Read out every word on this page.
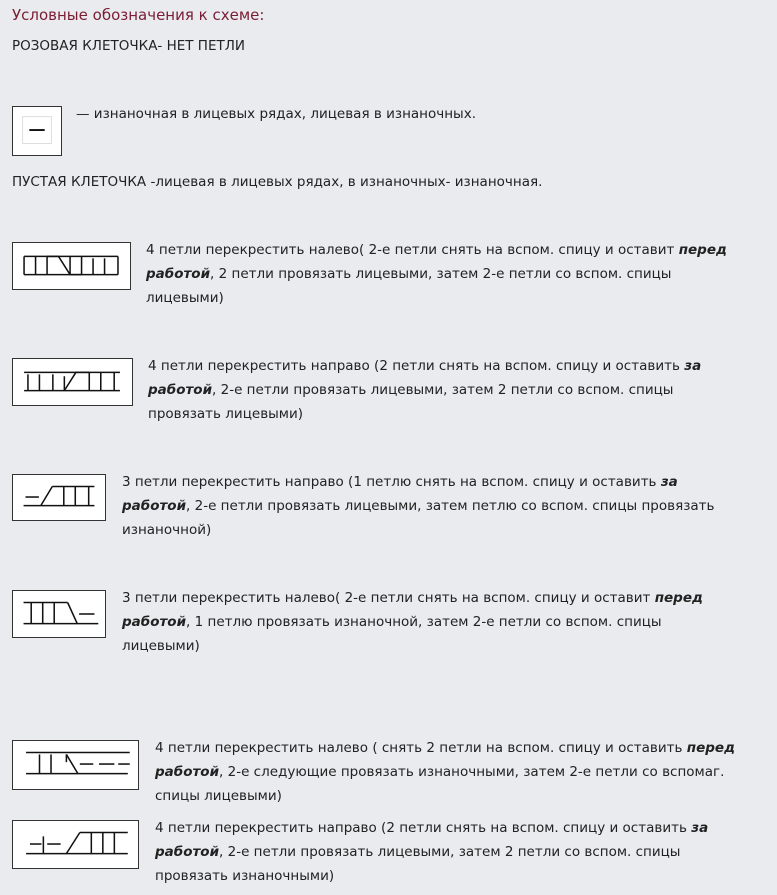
Условные обозначения к схеме:
РОЗОВАЯ КЛЕТОЧКА- НЕТ ПЕТЛИ
— изнаночная в лицевых рядах, лицевая в изнаночных.
ПУСТАЯ КЛЕТОЧКА -лицевая в лицевых рядах, в изнаночных- изнаночная.
4 петли перекрестить налево( 2-е петли снять на вспом. спицу и оставит перед
работой, 2 петли провязать лицевыми, затем 2-е петли со вспом. спицы
лицевыми)
4 петли перекрестить направо (2 петли снять на вспом. спицу и оставить за
работой, 2-е петли провязать лицевыми, затем 2 петли со вспом. спицы
провязать лицевыми)
3 петли перекрестить направо (1 петлю снять на вспом. спицу и оставить за
работой, 2-е петли провязать лицевыми, затем петлю со вспом. спицы провязать
изнаночной)
3 петли перекрестить налево( 2-е петли снять на вспом. спицу и оставит перед
работой, 1 петлю провязать изнаночной, затем 2-е петли со вспом. спицы
лицевыми)
4 петли перекрестить налево ( снять 2 петли на вспом. спицу и оставить перед
работой, 2-е следующие провязать изнаночными, затем 2-е петли со вспомаг.
спицы лицевыми)
4 петли перекрестить направо (2 петли снять на вспом. спицу и оставить за
работой, 2-е петли провязать лицевыми, затем 2 петли со вспом. спицы
провязать изнаночными)
